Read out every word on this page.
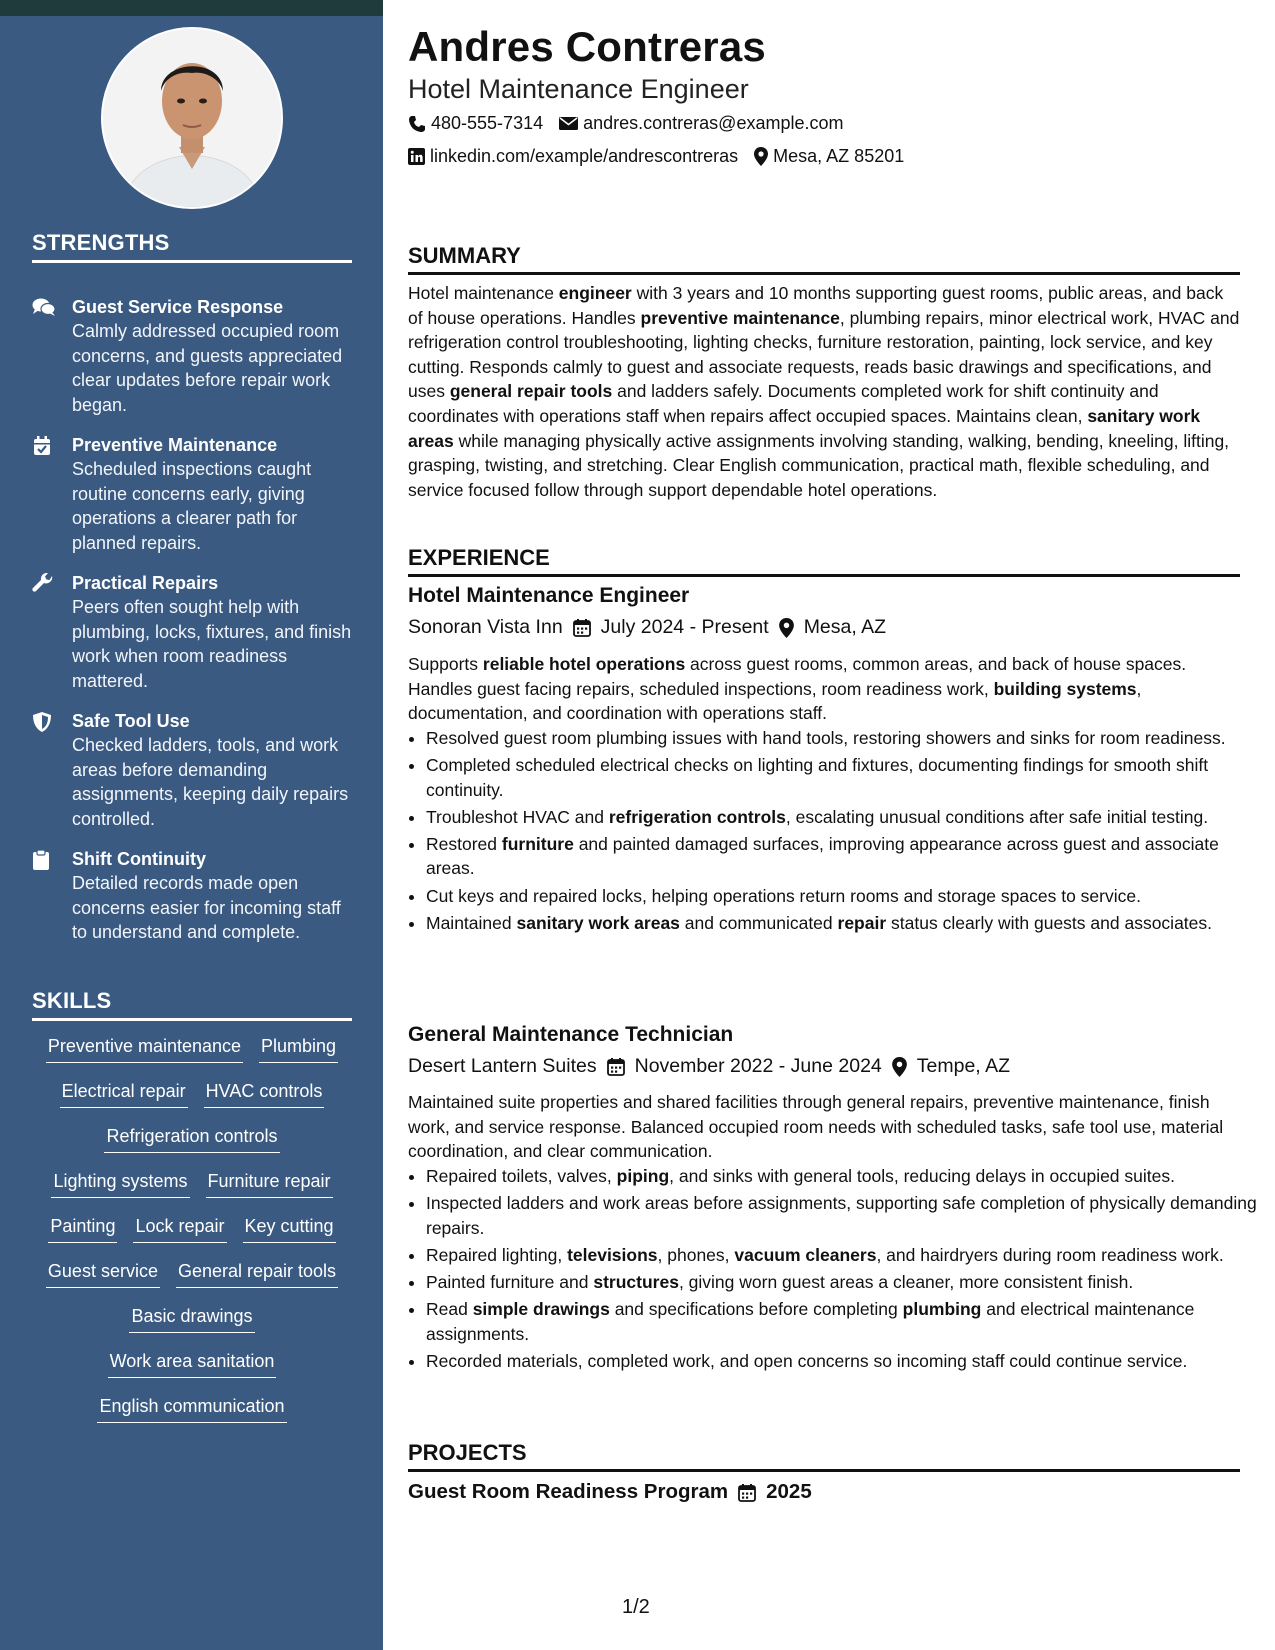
STRENGTHS
Guest Service Response
Calmly addressed occupied room concerns, and guests appreciated clear updates before repair work began.
Preventive Maintenance
Scheduled inspections caught routine concerns early, giving operations a clearer path for planned repairs.
Practical Repairs
Peers often sought help with plumbing, locks, fixtures, and finish work when room readiness mattered.
Safe Tool Use
Checked ladders, tools, and work areas before demanding assignments, keeping daily repairs controlled.
Shift Continuity
Detailed records made open concerns easier for incoming staff to understand and complete.
SKILLS
Preventive maintenance Plumbing
Electrical repair HVAC controls
Refrigeration controls
Lighting systems Furniture repair
Painting Lock repair Key cutting
Guest service General repair tools
Basic drawings
Work area sanitation
English communication
Andres Contreras
Hotel Maintenance Engineer
480-555-7314 andres.contreras@example.com
linkedin.com/example/andrescontreras Mesa, AZ 85201
SUMMARY
Hotel maintenance engineer with 3 years and 10 months supporting guest rooms, public areas, and back of house operations. Handles preventive maintenance, plumbing repairs, minor electrical work, HVAC and refrigeration control troubleshooting, lighting checks, furniture restoration, painting, lock service, and key cutting. Responds calmly to guest and associate requests, reads basic drawings and specifications, and uses general repair tools and ladders safely. Documents completed work for shift continuity and coordinates with operations staff when repairs affect occupied spaces. Maintains clean, sanitary work areas while managing physically active assignments involving standing, walking, bending, kneeling, lifting, grasping, twisting, and stretching. Clear English communication, practical math, flexible scheduling, and service focused follow through support dependable hotel operations.
EXPERIENCE
Hotel Maintenance Engineer
Sonoran Vista Inn July 2024 - Present Mesa, AZ
Supports reliable hotel operations across guest rooms, common areas, and back of house spaces. Handles guest facing repairs, scheduled inspections, room readiness work, building systems, documentation, and coordination with operations staff.
• Resolved guest room plumbing issues with hand tools, restoring showers and sinks for room readiness.
• Completed scheduled electrical checks on lighting and fixtures, documenting findings for smooth shift continuity.
• Troubleshot HVAC and refrigeration controls, escalating unusual conditions after safe initial testing.
• Restored furniture and painted damaged surfaces, improving appearance across guest and associate areas.
• Cut keys and repaired locks, helping operations return rooms and storage spaces to service.
• Maintained sanitary work areas and communicated repair status clearly with guests and associates.
General Maintenance Technician
Desert Lantern Suites November 2022 - June 2024 Tempe, AZ
Maintained suite properties and shared facilities through general repairs, preventive maintenance, finish work, and service response. Balanced occupied room needs with scheduled tasks, safe tool use, material coordination, and clear communication.
• Repaired toilets, valves, piping, and sinks with general tools, reducing delays in occupied suites.
• Inspected ladders and work areas before assignments, supporting safe completion of physically demanding repairs.
• Repaired lighting, televisions, phones, vacuum cleaners, and hairdryers during room readiness work.
• Painted furniture and structures, giving worn guest areas a cleaner, more consistent finish.
• Read simple drawings and specifications before completing plumbing and electrical maintenance assignments.
• Recorded materials, completed work, and open concerns so incoming staff could continue service.
PROJECTS
Guest Room Readiness Program 2025
1/2
